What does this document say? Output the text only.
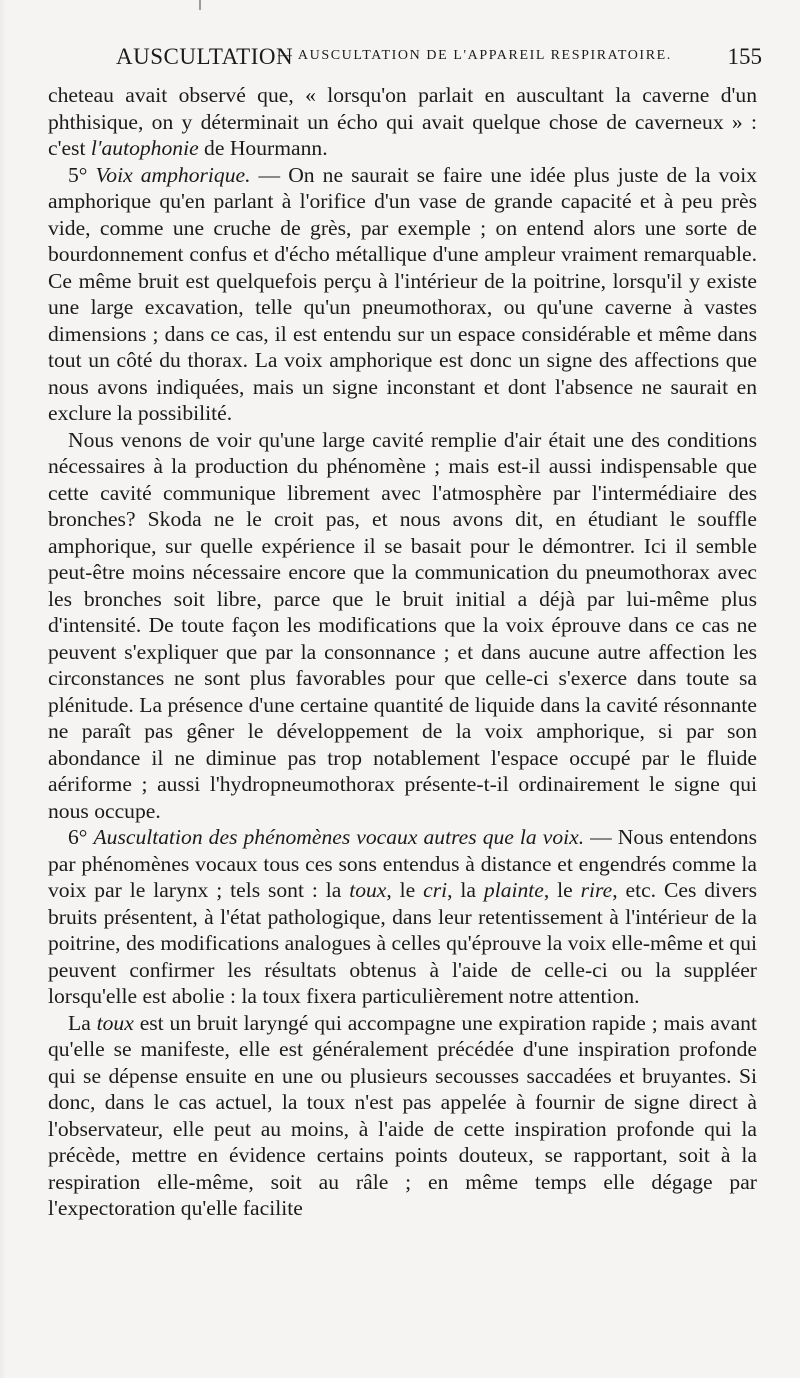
AUSCULTATION
— AUSCULTATION DE L'APPAREIL RESPIRATOIRE. 155

cheteau avait observé que, « lorsqu'on parlait en auscultant la caverne d'un phthisique, on y déterminait un écho qui avait quelque chose de caverneux » : c'est l'autophonie de Hourmann.

5° Voix amphorique. — On ne saurait se faire une idée plus juste de la voix amphorique qu'en parlant à l'orifice d'un vase de grande capacité et à peu près vide, comme une cruche de grès, par exemple ; on entend alors une sorte de bourdonnement confus et d'écho métallique d'une ampleur vraiment remarquable. Ce même bruit est quelquefois perçu à l'intérieur de la poitrine, lorsqu'il y existe une large excavation, telle qu'un pneumothorax, ou qu'une caverne à vastes dimensions ; dans ce cas, il est entendu sur un espace considérable et même dans tout un côté du thorax. La voix amphorique est donc un signe des affections que nous avons indiquées, mais un signe inconstant et dont l'absence ne saurait en exclure la possibilité.

Nous venons de voir qu'une large cavité remplie d'air était une des conditions nécessaires à la production du phénomène ; mais est-il aussi indispensable que cette cavité communique librement avec l'atmosphère par l'intermédiaire des bronches? Skoda ne le croit pas, et nous avons dit, en étudiant le souffle amphorique, sur quelle expérience il se basait pour le démontrer. Ici il semble peut-être moins nécessaire encore que la communication du pneumothorax avec les bronches soit libre, parce que le bruit initial a déjà par lui-même plus d'intensité. De toute façon les modifications que la voix éprouve dans ce cas ne peuvent s'expliquer que par la consonnance ; et dans aucune autre affection les circonstances ne sont plus favorables pour que celle-ci s'exerce dans toute sa plénitude. La présence d'une certaine quantité de liquide dans la cavité résonnante ne paraît pas gêner le développement de la voix amphorique, si par son abondance il ne diminue pas trop notablement l'espace occupé par le fluide aériforme ; aussi l'hydropneumothorax présente-t-il ordinairement le signe qui nous occupe.

6° Auscultation des phénomènes vocaux autres que la voix. — Nous entendons par phénomènes vocaux tous ces sons entendus à distance et engendrés comme la voix par le larynx ; tels sont : la toux, le cri, la plainte, le rire, etc. Ces divers bruits présentent, à l'état pathologique, dans leur retentissement à l'intérieur de la poitrine, des modifications analogues à celles qu'éprouve la voix elle-même et qui peuvent confirmer les résultats obtenus à l'aide de celle-ci ou la suppléer lorsqu'elle est abolie : la toux fixera particulièrement notre attention.

La toux est un bruit laryngé qui accompagne une expiration rapide ; mais avant qu'elle se manifeste, elle est généralement précédée d'une inspiration profonde qui se dépense ensuite en une ou plusieurs secousses saccadées et bruyantes. Si donc, dans le cas actuel, la toux n'est pas appelée à fournir de signe direct à l'observateur, elle peut au moins, à l'aide de cette inspiration profonde qui la précède, mettre en évidence certains points douteux, se rapportant, soit à la respiration elle-même, soit au râle ; en même temps elle dégage par l'expectoration qu'elle facilite
